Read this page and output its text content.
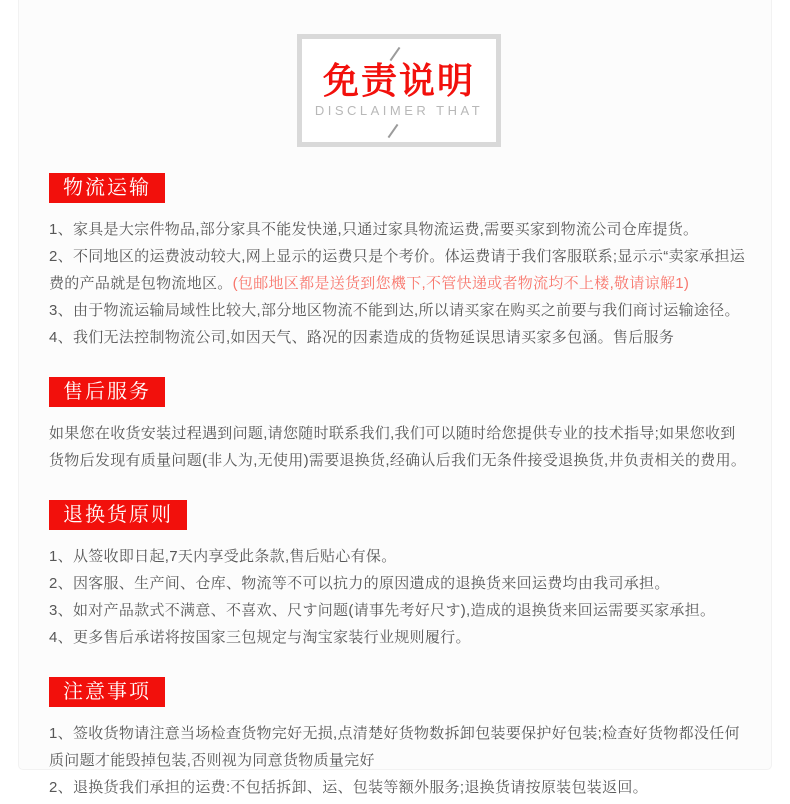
免责说明
DISCLAIMER THAT
物流运输

1、家具是大宗件物品,部分家具不能发快递,只通过家具物流运费,需要买家到物流公司仓库提货。

2、不同地区的运费波动较大,网上显示的运费只是个考价。体运费请于我们客服联系;显示示“卖家承担运费的产品就是包物流地区。(包邮地区都是送货到您機下,不管快递或者物流均不上楼,敬请谅解1)

3、由于物流运输局域性比较大,部分地区物流不能到达,所以请买家在购买之前要与我们商讨运输途径。

4、我们无法控制物流公司,如因天气、路况的因素造成的货物延误思请买家多包涵。售后服务

售后服务

如果您在收货安装过程遇到问题,请您随时联系我们,我们可以随时给您提供专业的技术指导;如果您收到货物后发现有质量问题(非人为,无使用)需要退换货,经确认后我们无条件接受退换货,井负责相关的费用。

退换货原则

1、从签收即日起,7天内享受此条款,售后贴心有保。

2、因客服、生产间、仓库、物流等不可以抗力的原因遺成的退换货来回运费均由我司承担。

3、如对产品款式不满意、不喜欢、尺す问题(请事先考好尺す),造成的退换货来回运需要买家承担。

4、更多售后承诺将按国家三包规定与淘宝家装行业规则履行。

注意事项

1、签收货物请注意当场检查货物完好无损,点清楚好货物数拆卸包装要保护好包装;检查好货物都没任何质问题才能毁掉包装,否则视为同意货物质量完好

2、退换货我们承担的运费:不包括拆卸、运、包装等额外服务;退换货请按原装包装返回。
